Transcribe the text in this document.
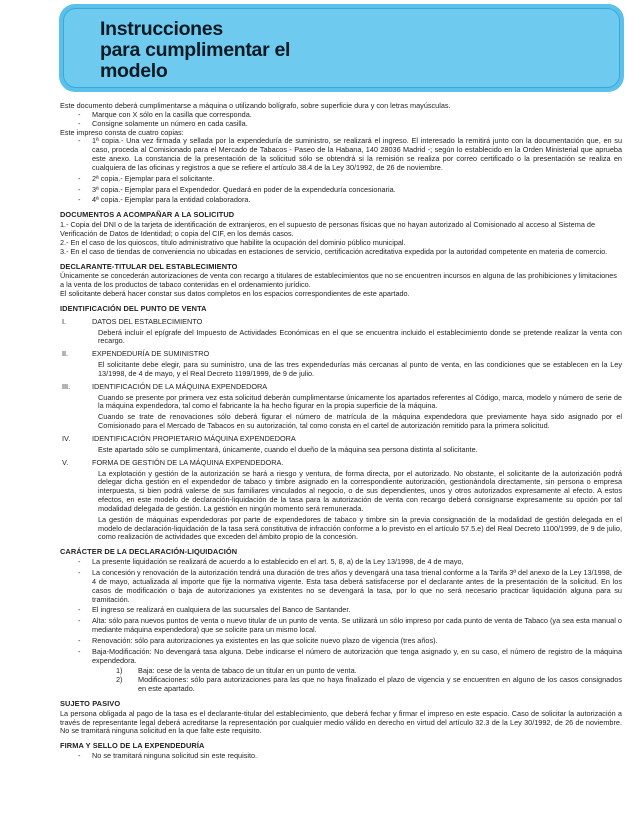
Instrucciones
para cumplimentar el
modelo

Este documento deberá cumplimentarse a máquina o utilizando bolígrafo, sobre superficie dura y con letras mayúsculas.

- Marque con X sólo en la casilla que corresponda.
- Consigne solamente un número en cada casilla.

Este impreso consta de cuatro copias:

- 1ª copia.- Una vez firmada y sellada por la expendeduría de suministro, se realizará el ingreso. El interesado la remitirá junto con la documentación que, en su caso, proceda al Comisionado para el Mercado de Tabacos - Paseo de la Habana, 140 28036 Madrid -; según lo establecido en la Orden Ministerial que aprueba este anexo. La constancia de la presentación de la solicitud sólo se obtendrá si la remisión se realiza por correo certificado o la presentación se realiza en cualquiera de las oficinas y registros a que se refiere el artículo 38.4 de la Ley 30/1992, de 26 de noviembre.
- 2ª copia.- Ejemplar para el solicitante.
- 3ª copia.- Ejemplar para el Expendedor. Quedará en poder de la expendeduría concesionaria.
- 4ª copia.- Ejemplar para la entidad colaboradora.
DOCUMENTOS A ACOMPAÑAR A LA SOLICITUD

1.- Copia del DNI o de la tarjeta de identificación de extranjeros, en el supuesto de personas físicas que no hayan autorizado al Comisionado al acceso al Sistema de Verificación de Datos de Identidad; o copia del CIF, en los demás casos.

2.- En el caso de los quioscos, título administrativo que habilite la ocupación del dominio público municipal.

3.- En el caso de tiendas de conveniencia no ubicadas en estaciones de servicio, certificación acreditativa expedida por la autoridad competente en materia de comercio.

DECLARANTE-TITULAR DEL ESTABLECIMIENTO

Únicamente se concederán autorizaciones de venta con recargo a titulares de establecimientos que no se encuentren incursos en alguna de las prohibiciones y limitaciones a la venta de los productos de tabaco contenidas en el ordenamiento jurídico.

El solicitante deberá hacer constar sus datos completos en los espacios correspondientes de este apartado.

IDENTIFICACIÓN DEL PUNTO DE VENTA
I.	DATOS DEL ESTABLECIMIENTO

Deberá incluir el epígrafe del Impuesto de Actividades Económicas en el que se encuentra incluido el establecimiento donde se pretende realizar la venta con recargo.

II.	EXPENDEDURÍA DE SUMINISTRO

El solicitante debe elegir, para su suministro, una de las tres expendedurías más cercanas al punto de venta, en las condiciones que se establecen en la Ley 13/1998, de 4 de mayo, y el Real Decreto 1199/1999, de 9 de julio.

III.	IDENTIFICACIÓN DE LA MÁQUINA EXPENDEDORA

Cuando se presente por primera vez esta solicitud deberán cumplimentarse únicamente los apartados referentes al Código, marca, modelo y número de serie de la máquina expendedora, tal como el fabricante la ha hecho figurar en la propia superficie de la máquina.

Cuando se trate de renovaciones sólo deberá figurar el número de matrícula de la máquina expendedora que previamente haya sido asignado por el Comisionado para el Mercado de Tabacos en su autorización, tal como consta en el cartel de autorización remitido para la primera solicitud.

IV.	IDENTIFICACIÓN PROPIETARIO MÁQUINA EXPENDEDORA

Este apartado sólo se cumplimentará, únicamente, cuando el dueño de la máquina sea persona distinta al solicitante.

V.	FORMA DE GESTIÓN DE LA MÁQUINA EXPENDEDORA.

La explotación y gestión de la autorización se hará a riesgo y ventura, de forma directa, por el autorizado. No obstante, el solicitante de la autorización podrá delegar dicha gestión en el expendedor de tabaco y timbre asignado en la correspondiente autorización, gestionándola directamente, sin persona o empresa interpuesta, si bien podrá valerse de sus familiares vinculados al negocio, o de sus dependientes, unos y otros autorizados expresamente al efecto. A estos efectos, en este modelo de declaración-liquidación de la tasa para la autorización de venta con recargo deberá consignarse expresamente su opción por tal modalidad delegada de gestión. La gestión en ningún momento será remunerada.

La gestión de máquinas expendedoras por parte de expendedores de tabaco y timbre sin la previa consignación de la modalidad de gestión delegada en el modelo de declaración-liquidación de la tasa será constitutiva de infracción conforme a lo previsto en el artículo 57.5.e) del Real Decreto 1100/1999, de 9 de julio, como realización de actividades que exceden del ámbito propio de la concesión.

CARÁCTER DE LA DECLARACIÓN-LIQUIDACIÓN
- La presente liquidación se realizará de acuerdo a lo establecido en el art. 5, 8, a) de la Ley 13/1998, de 4 de mayo,
- La concesión y renovación de la autorización tendrá una duración de tres años y devengará una tasa trienal conforme a la Tarifa 3ª del anexo de la Ley 13/1998, de 4 de mayo, actualizada al importe que fije la normativa vigente. Esta tasa deberá satisfacerse por el declarante antes de la presentación de la solicitud. En los casos de modificación o baja de autorizaciones ya existentes no se devengará la tasa, por lo que no será necesario practicar liquidación alguna para su tramitación.
- El ingreso se realizará en cualquiera de las sucursales del Banco de Santander.
- Alta: sólo para nuevos puntos de venta o nuevo titular de un punto de venta. Se utilizará un sólo impreso por cada punto de venta de Tabaco (ya sea esta manual o mediante máquina expendedora) que se solicite para un mismo local.
- Renovación: sólo para autorizaciones ya existentes en las que solicite nuevo plazo de vigencia (tres años).
- Baja-Modificación: No devengará tasa alguna. Debe indicarse el número de autorización que tenga asignado y, en su caso, el número de registro de la máquina expendedora.
1) Baja: cese de la venta de tabaco de un titular en un punto de venta.
2) Modificaciones: sólo para autorizaciones para las que no haya finalizado el plazo de vigencia y se encuentren en alguno de los casos consignados en este apartado.
SUJETO PASIVO

La persona obligada al pago de la tasa es el declarante-titular del establecimiento, que deberá fechar y firmar el impreso en este espacio. Caso de solicitar la autorización a través de representante legal deberá acreditarse la representación por cualquier medio válido en derecho en virtud del artículo 32.3 de la Ley 30/1992, de 26 de noviembre. No se tramitará ninguna solicitud en la que falte este requisito.

FIRMA Y SELLO DE LA EXPENDEDURÍA
- No se tramitará ninguna solicitud sin este requisito.
